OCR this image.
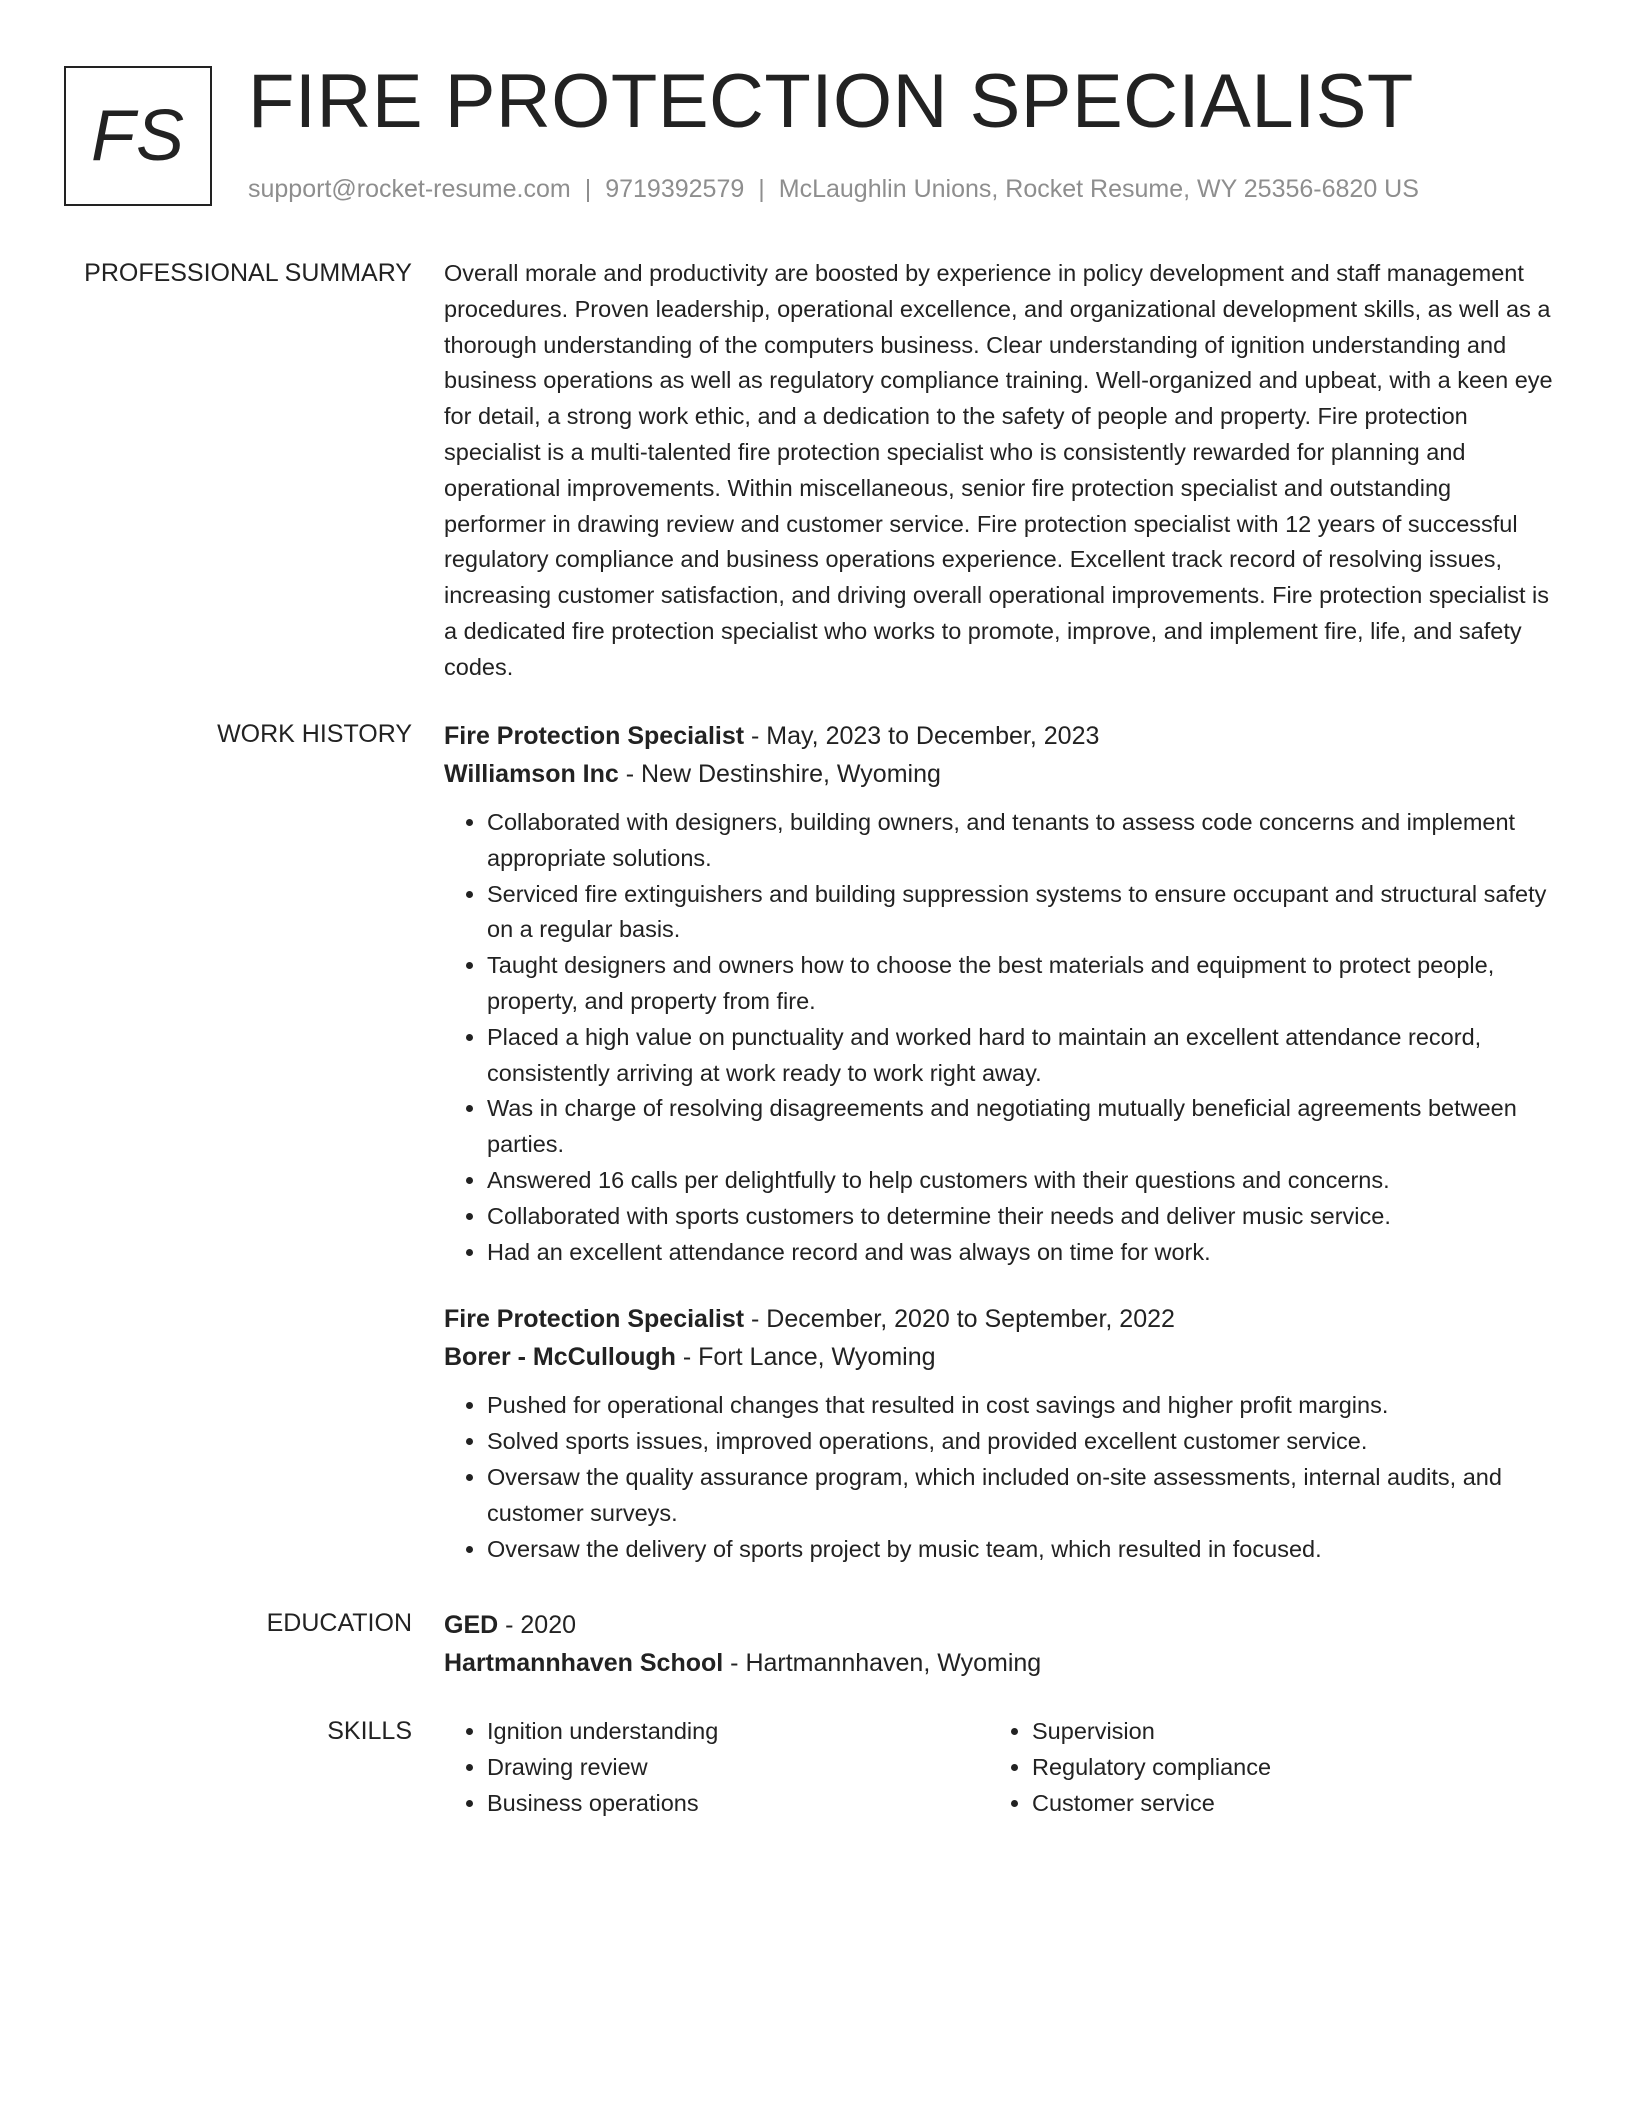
FS FIRE PROTECTION SPECIALIST
support@rocket-resume.com | 9719392579 | McLaughlin Unions, Rocket Resume, WY 25356-6820 US
PROFESSIONAL SUMMARY Overall morale and productivity are boosted by experience in policy development and staff management procedures. Proven leadership, operational excellence, and organizational development skills, as well as a thorough understanding of the computers business. Clear understanding of ignition understanding and business operations as well as regulatory compliance training. Well-organized and upbeat, with a keen eye for detail, a strong work ethic, and a dedication to the safety of people and property. Fire protection specialist is a multi-talented fire protection specialist who is consistently rewarded for planning and operational improvements. Within miscellaneous, senior fire protection specialist and outstanding performer in drawing review and customer service. Fire protection specialist with 12 years of successful regulatory compliance and business operations experience. Excellent track record of resolving issues, increasing customer satisfaction, and driving overall operational improvements. Fire protection specialist is a dedicated fire protection specialist who works to promote, improve, and implement fire, life, and safety codes.

WORK HISTORY Fire Protection Specialist - May, 2023 to December, 2023
Williamson Inc - New Destinshire, Wyoming
• Collaborated with designers, building owners, and tenants to assess code concerns and implement appropriate solutions.
• Serviced fire extinguishers and building suppression systems to ensure occupant and structural safety on a regular basis.
• Taught designers and owners how to choose the best materials and equipment to protect people, property, and property from fire.
• Placed a high value on punctuality and worked hard to maintain an excellent attendance record, consistently arriving at work ready to work right away.
• Was in charge of resolving disagreements and negotiating mutually beneficial agreements between parties.
• Answered 16 calls per delightfully to help customers with their questions and concerns.
• Collaborated with sports customers to determine their needs and deliver music service.
• Had an excellent attendance record and was always on time for work.
Fire Protection Specialist - December, 2020 to September, 2022
Borer - McCullough - Fort Lance, Wyoming
• Pushed for operational changes that resulted in cost savings and higher profit margins.
• Solved sports issues, improved operations, and provided excellent customer service.
• Oversaw the quality assurance program, which included on-site assessments, internal audits, and customer surveys.
• Oversaw the delivery of sports project by music team, which resulted in focused.
EDUCATION GED - 2020
Hartmannhaven School - Hartmannhaven, Wyoming
SKILLS
•	Ignition understanding
• Drawing review
• Business operations
• Supervision
• Regulatory compliance
• Customer service
